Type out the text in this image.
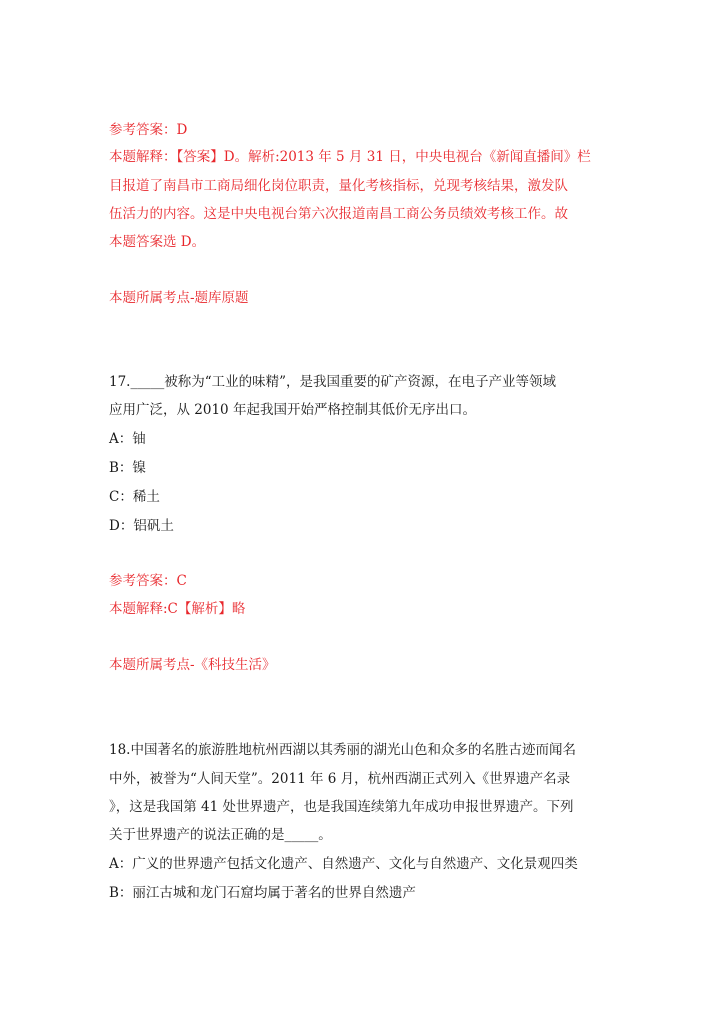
参考答案：D
本题解释：【答案】D。解析:2013 年 5 月 31 日，中央电视台《新闻直播间》栏
目报道了南昌市工商局细化岗位职责，量化考核指标，兑现考核结果，激发队
伍活力的内容。这是中央电视台第六次报道南昌工商公务员绩效考核工作。故
本题答案选 D。
本题所属考点-题库原题
17._____被称为“工业的味精”，是我国重要的矿产资源，在电子产业等领域
应用广泛，从 2010 年起我国开始严格控制其低价无序出口。
A：铀
B：镍
C：稀土
D：铝矾土
参考答案：C
本题解释:C【解析】略
本题所属考点-《科技生活》
18.中国著名的旅游胜地杭州西湖以其秀丽的湖光山色和众多的名胜古迹而闻名
中外，被誉为“人间天堂”。2011 年 6 月，杭州西湖正式列入《世界遗产名录
》，这是我国第 41 处世界遗产，也是我国连续第九年成功申报世界遗产。下列
关于世界遗产的说法正确的是_____。
A：广义的世界遗产包括文化遗产、自然遗产、文化与自然遗产、文化景观四类
B：丽江古城和龙门石窟均属于著名的世界自然遗产
